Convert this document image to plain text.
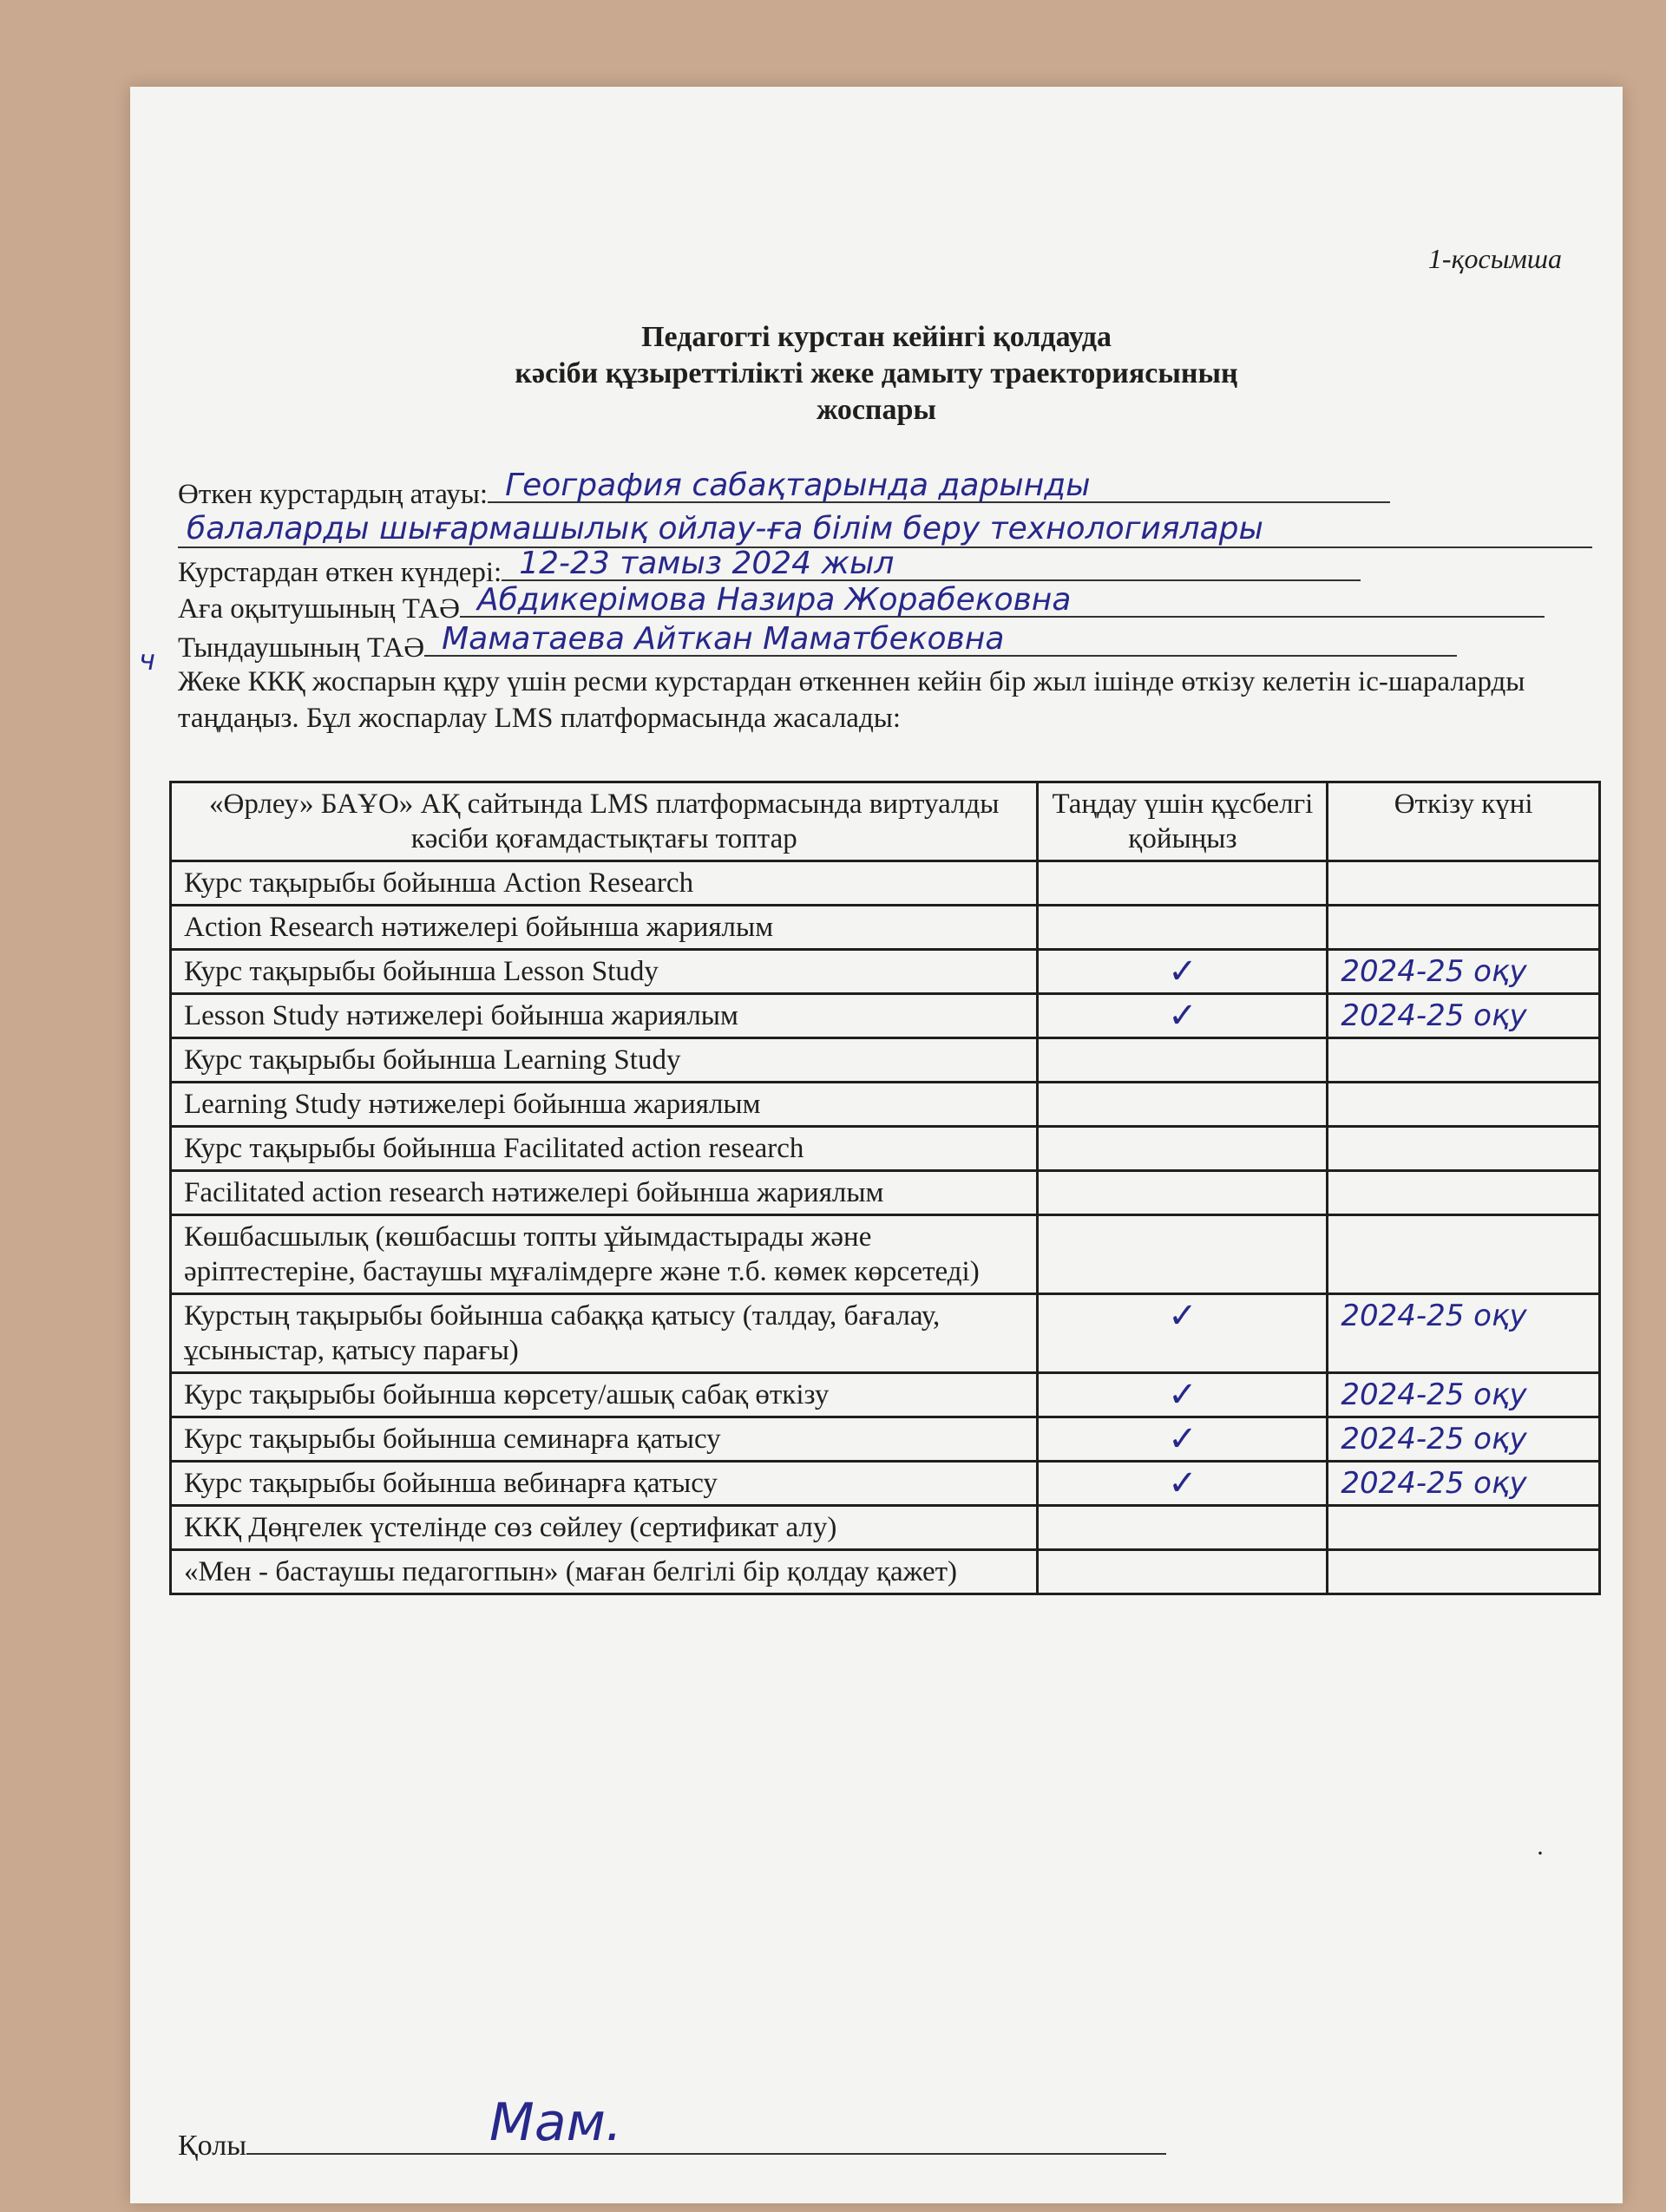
1-қосымша
Педагогті курстан кейінгі қолдауда
кәсіби құзыреттілікті жеке дамыту траекториясының
жоспары
Өткен курстардың атауы: География сабақтарында дарынды
балаларды шығармашылық ойлау-ға білім беру технологиялары
Курстардан өткен күндері: 12-23 тамыз 2024 жыл
Аға оқытушының ТАӘ Абдикерімова Назира Жорабековна
ч Тындаушының ТАӘ Маматаева Айткан Маматбековна
Жеке ККҚ жоспарын құру үшін ресми курстардан өткеннен кейін бір жыл ішінде өткізу келетін іс-шараларды таңдаңыз. Бұл жоспарлау LMS платформасында жасалады:
«Өрлеу» БАҰО» АҚ сайтында LMS платформасында виртуалды кәсіби қоғамдастықтағы топтар	Таңдау үшін құсбелгі қойыңыз	Өткізу күні
Курс тақырыбы бойынша Action Research		
Action Research нәтижелері бойынша жариялым		
Курс тақырыбы бойынша Lesson Study	✓	2024-25 оқу
Lesson Study нәтижелері бойынша жариялым	✓	2024-25 оқу
Курс тақырыбы бойынша Learning Study		
Learning Study нәтижелері бойынша жариялым		
Курс тақырыбы бойынша Facilitated action research		
Facilitated action research нәтижелері бойынша жариялым		
Көшбасшылық (көшбасшы топты ұйымдастырады және әріптестеріне, бастаушы мұғалімдерге және т.б. көмек көрсетеді)		
Курстың тақырыбы бойынша сабаққа қатысу (талдау, бағалау, ұсыныстар, қатысу парағы)	✓	2024-25 оқу
Курс тақырыбы бойынша көрсету/ашық сабақ өткізу	✓	2024-25 оқу
Курс тақырыбы бойынша семинарға қатысу	✓	2024-25 оқу
Курс тақырыбы бойынша вебинарға қатысу	✓	2024-25 оқу
ККҚ Дөңгелек үстелінде сөз сөйлеу (сертификат алу)		
«Мен - бастаушы педагогпын» (маған белгілі бір қолдау қажет)		
Қолы	Мам.
·
